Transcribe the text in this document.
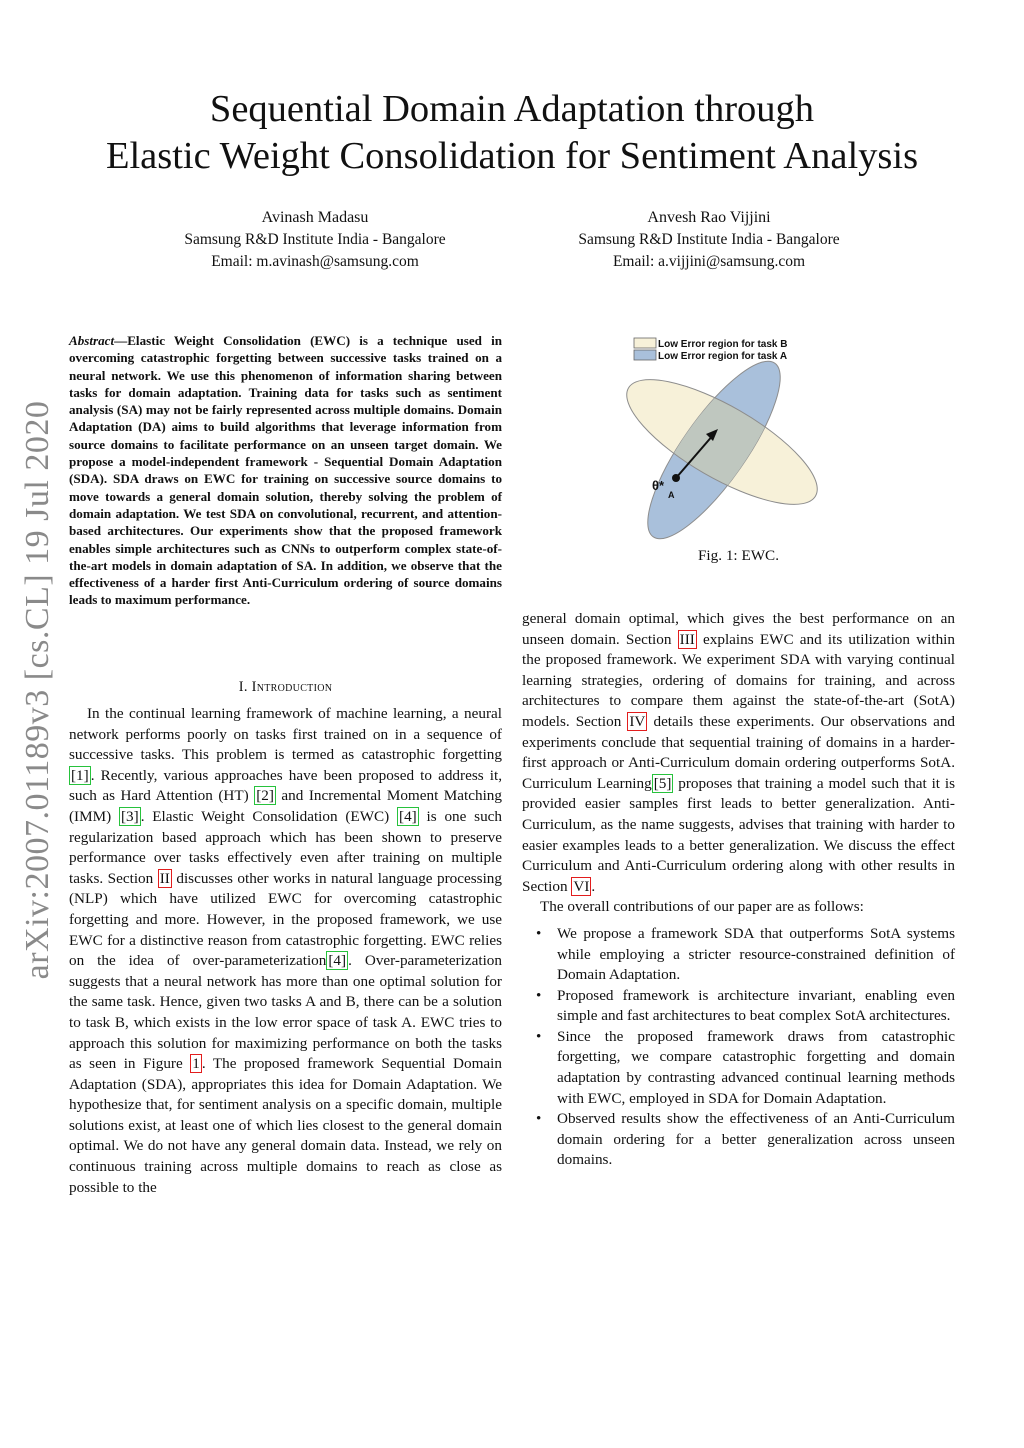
Sequential Domain Adaptation through
Elastic Weight Consolidation for Sentiment Analysis
Avinash Madasu
Samsung R&D Institute India - Bangalore
Email: m.avinash@samsung.com
Anvesh Rao Vijjini
Samsung R&D Institute India - Bangalore
Email: a.vijjini@samsung.com
arXiv:2007.01189v3 [cs.CL] 19 Jul 2020
Abstract—Elastic Weight Consolidation (EWC) is a technique used in overcoming catastrophic forgetting between successive tasks trained on a neural network. We use this phenomenon of information sharing between tasks for domain adaptation. Training data for tasks such as sentiment analysis (SA) may not be fairly represented across multiple domains. Domain Adaptation (DA) aims to build algorithms that leverage information from source domains to facilitate performance on an unseen target domain. We propose a model-independent framework - Sequential Domain Adaptation (SDA). SDA draws on EWC for training on successive source domains to move towards a general domain solution, thereby solving the problem of domain adaptation. We test SDA on convolutional, recurrent, and attention-based architectures. Our experiments show that the proposed framework enables simple architectures such as CNNs to outperform complex state-of-the-art models in domain adaptation of SA. In addition, we observe that the effectiveness of a harder first Anti-Curriculum ordering of source domains leads to maximum performance.
I. Introduction

In the continual learning framework of machine learning, a neural network performs poorly on tasks first trained on in a sequence of successive tasks. This problem is termed as catastrophic forgetting [1] . Recently, various approaches have been proposed to address it, such as Hard Attention (HT) [2] and Incremental Moment Matching (IMM) [3] . Elastic Weight Consolidation (EWC) [4] is one such regularization based approach which has been shown to preserve performance over tasks effectively even after training on multiple tasks. Section II discusses other works in natural language processing (NLP) which have utilized EWC for overcoming catastrophic forgetting and more. However, in the proposed framework, we use EWC for a distinctive reason from catastrophic forgetting. EWC relies on the idea of over-parameterization [4] . Over-parameterization suggests that a neural network has more than one optimal solution for the same task. Hence, given two tasks A and B, there can be a solution to task B, which exists in the low error space of task A. EWC tries to approach this solution for maximizing performance on both the tasks as seen in Figure 1 . The proposed framework Sequential Domain Adaptation (SDA), appropriates this idea for Domain Adaptation. We hypothesize that, for sentiment analysis on a specific domain, multiple solutions exist, at least one of which lies closest to the general domain optimal. We do not have any general domain data. Instead, we rely on continuous training across multiple domains to reach as close as possible to the

θ*
A
Low Error region for task B
Low Error region for task A
Fig. 1: EWC.

general domain optimal, which gives the best performance on an unseen domain. Section III explains EWC and its utilization within the proposed framework. We experiment SDA with varying continual learning strategies, ordering of domains for training, and across architectures to compare them against the state-of-the-art (SotA) models. Section IV details these experiments. Our observations and experiments conclude that sequential training of domains in a harder-first approach or Anti-Curriculum domain ordering outperforms SotA. Curriculum Learning [5] proposes that training a model such that it is provided easier samples first leads to better generalization. Anti-Curriculum, as the name suggests, advises that training with harder to easier examples leads to a better generalization. We discuss the effect Curriculum and Anti-Curriculum ordering along with other results in Section VI .

The overall contributions of our paper are as follows:

• We propose a framework SDA that outperforms SotA systems while employing a stricter resource-constrained definition of Domain Adaptation.
• Proposed framework is architecture invariant, enabling even simple and fast architectures to beat complex SotA architectures.
• Since the proposed framework draws from catastrophic forgetting, we compare catastrophic forgetting and domain adaptation by contrasting advanced continual learning methods with EWC, employed in SDA for Domain Adaptation.
• Observed results show the effectiveness of an Anti-Curriculum domain ordering for a better generalization across unseen domains.
